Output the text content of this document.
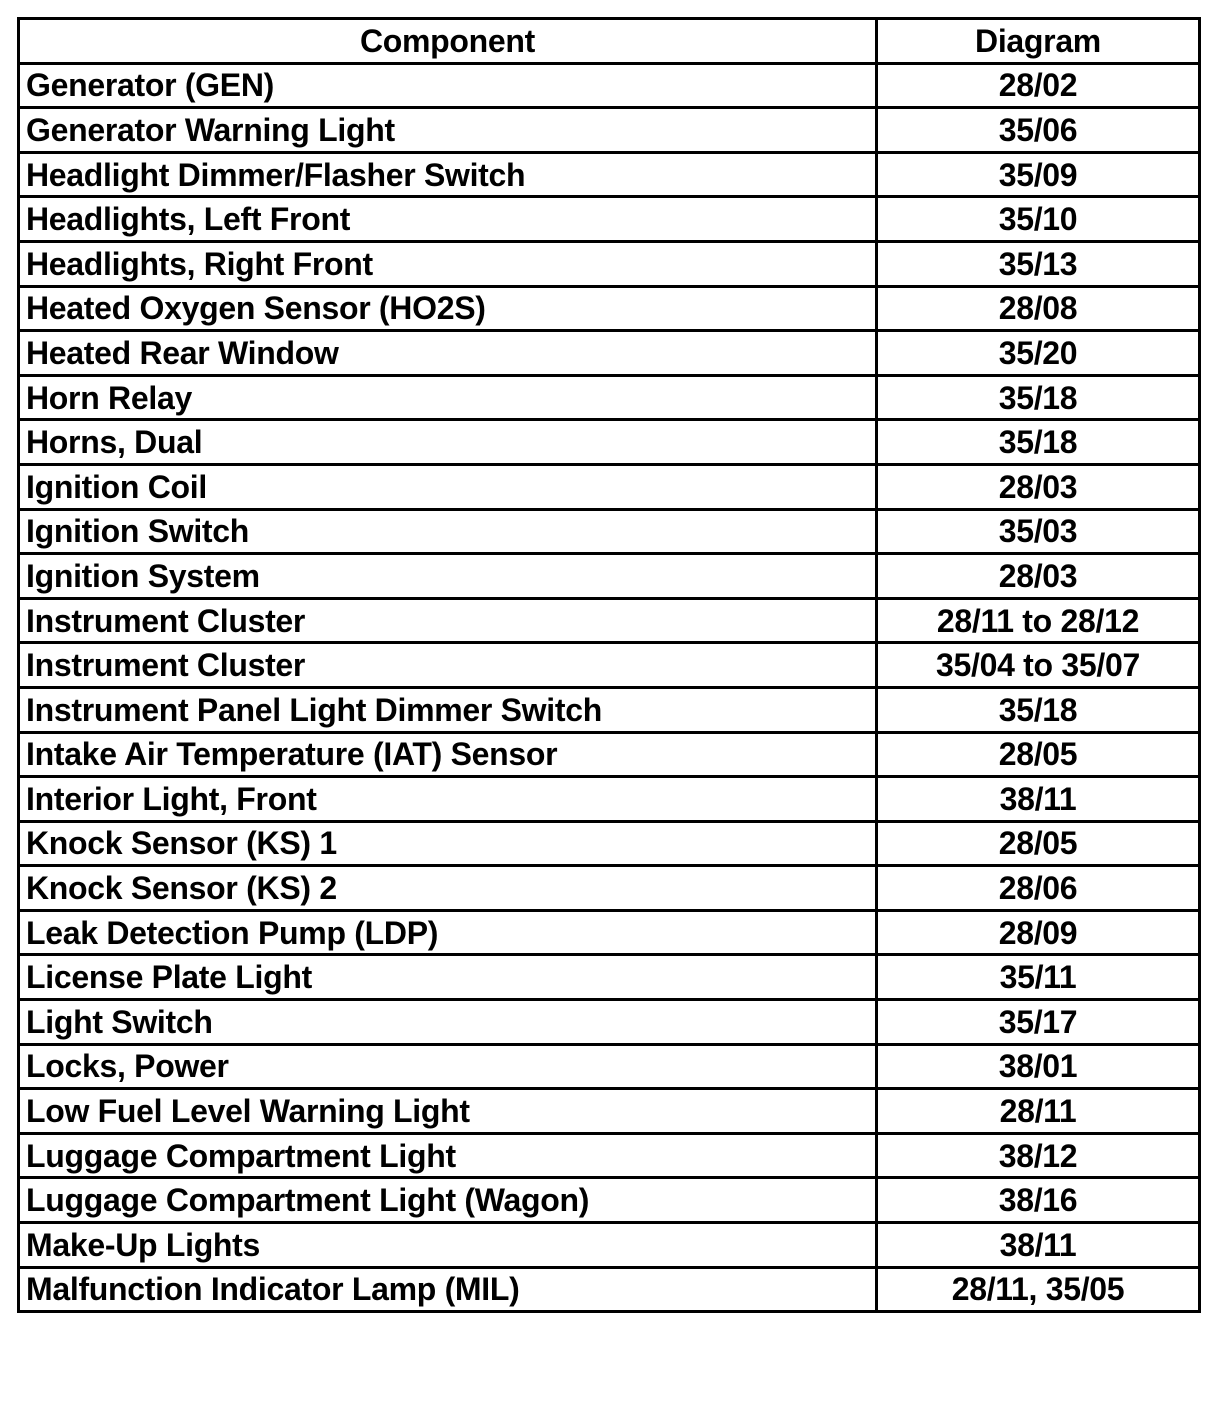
Component	Diagram
Generator (GEN)	28/02
Generator Warning Light	35/06
Headlight Dimmer/Flasher Switch	35/09
Headlights, Left Front	35/10
Headlights, Right Front	35/13
Heated Oxygen Sensor (HO2S)	28/08
Heated Rear Window	35/20
Horn Relay	35/18
Horns, Dual	35/18
Ignition Coil	28/03
Ignition Switch	35/03
Ignition System	28/03
Instrument Cluster	28/11 to 28/12
Instrument Cluster	35/04 to 35/07
Instrument Panel Light Dimmer Switch	35/18
Intake Air Temperature (IAT) Sensor	28/05
Interior Light, Front	38/11
Knock Sensor (KS) 1	28/05
Knock Sensor (KS) 2	28/06
Leak Detection Pump (LDP)	28/09
License Plate Light	35/11
Light Switch	35/17
Locks, Power	38/01
Low Fuel Level Warning Light	28/11
Luggage Compartment Light	38/12
Luggage Compartment Light (Wagon)	38/16
Make-Up Lights	38/11
Malfunction Indicator Lamp (MIL)	28/11, 35/05
